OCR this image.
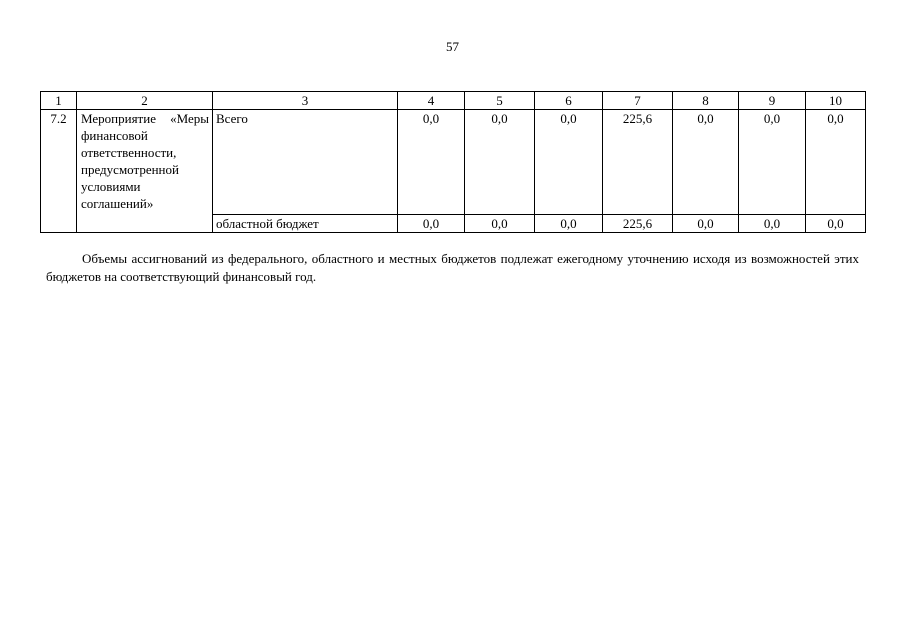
57
1	2	3	4	5	6	7	8	9	10
7.2	Мероприятие «Меры финансовой ответственности, предусмотренной условиями соглашений»	Всего	0,0	0,0	0,0	225,6	0,0	0,0	0,0
		областной бюджет	0,0	0,0	0,0	225,6	0,0	0,0	0,0

Объемы ассигнований из федерального, областного и местных бюджетов подлежат ежегодному уточнению исходя из возможностей этих бюджетов на соответствующий финансовый год.
